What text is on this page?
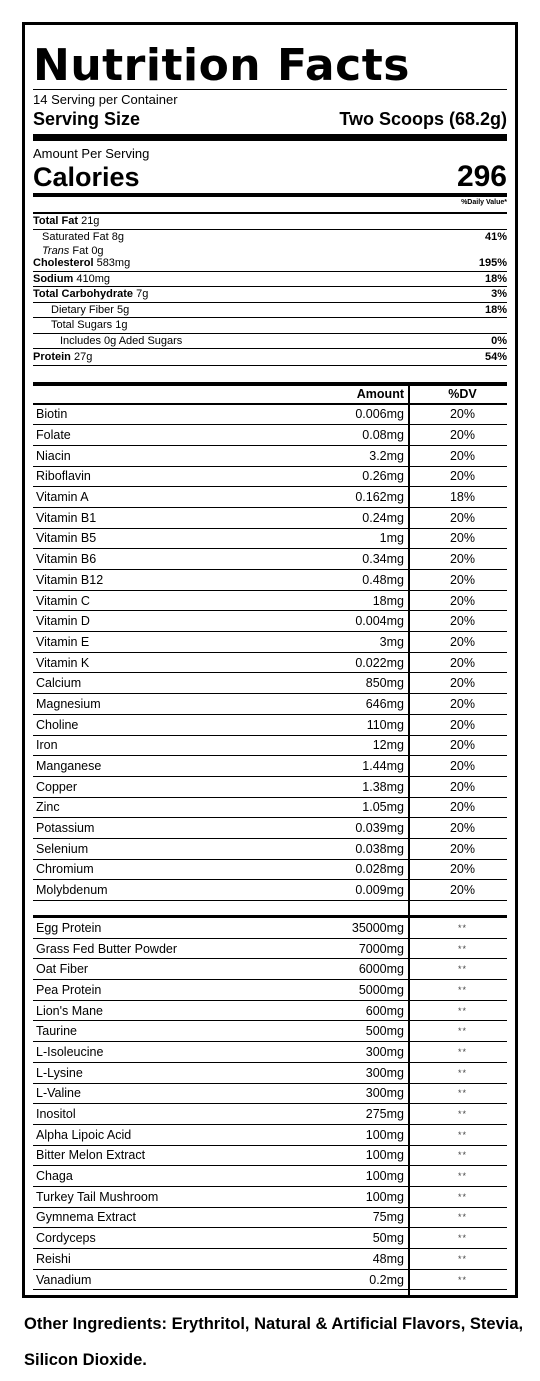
Nutrition Facts
14 Serving per Container
Serving Size	Two Scoops (68.2g)
Amount Per Serving
Calories	296
%Daily Value*
Total Fat 21g
Saturated Fat 8g	41%
Trans Fat 0g
Cholesterol 583mg	195%
Sodium 410mg	18%
Total Carbohydrate 7g	3%
Dietary Fiber 5g	18%
Total Sugars 1g
Includes 0g Aded Sugars	0%
Protein 27g	54%
Amount	%DV
Biotin	0.006mg	20%
Folate	0.08mg	20%
Niacin	3.2mg	20%
Riboflavin	0.26mg	20%
Vitamin A	0.162mg	18%
Vitamin B1	0.24mg	20%
Vitamin B5	1mg	20%
Vitamin B6	0.34mg	20%
Vitamin B12	0.48mg	20%
Vitamin C	18mg	20%
Vitamin D	0.004mg	20%
Vitamin E	3mg	20%
Vitamin K	0.022mg	20%
Calcium	850mg	20%
Magnesium	646mg	20%
Choline	110mg	20%
Iron	12mg	20%
Manganese	1.44mg	20%
Copper	1.38mg	20%
Zinc	1.05mg	20%
Potassium	0.039mg	20%
Selenium	0.038mg	20%
Chromium	0.028mg	20%
Molybdenum	0.009mg	20%
Egg Protein	35000mg	**
Grass Fed Butter Powder	7000mg	**
Oat Fiber	6000mg	**
Pea Protein	5000mg	**
Lion's Mane	600mg	**
Taurine	500mg	**
L-Isoleucine	300mg	**
L-Lysine	300mg	**
L-Valine	300mg	**
Inositol	275mg	**
Alpha Lipoic Acid	100mg	**
Bitter Melon Extract	100mg	**
Chaga	100mg	**
Turkey Tail Mushroom	100mg	**
Gymnema Extract	75mg	**
Cordyceps	50mg	**
Reishi	48mg	**
Vanadium	0.2mg	**
Other Ingredients: Erythritol, Natural & Artificial Flavors, Stevia, Silicon Dioxide.
